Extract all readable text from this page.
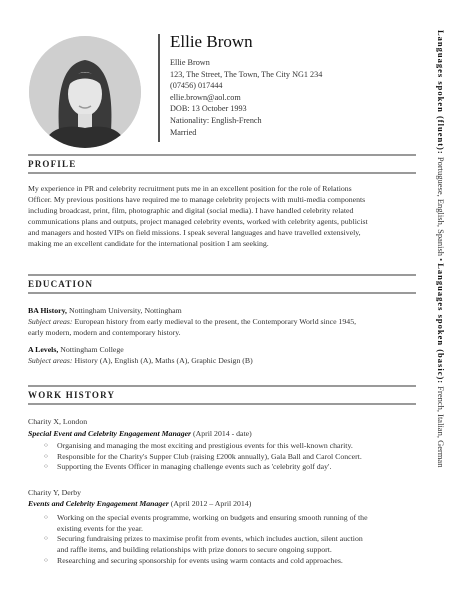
Ellie Brown
Ellie Brown
123, The Street, The Town, The City NG1 234
(07456) 017444
ellie.brown@aol.com
DOB: 13 October 1993
Nationality: English-French
Married
PROFILE

My experience in PR and celebrity recruitment puts me in an excellent position for the role of Relations

Officer. My previous positions have required me to manage celebrity projects with multi-media components

including broadcast, print, film, photographic and digital (social media). I have handled celebrity related

communications plans and outputs, project managed celebrity events, worked with celebrity agents, publicist

and managers and hosted VIPs on field missions. I speak several languages and have travelled extensively,

making me an excellent candidate for the international position I am seeking.

EDUCATION
BA History, Nottingham University, Nottingham
Subject areas: European history from early medieval to the present, the Contemporary World since 1945,
early modern, modern and contemporary history.
A Levels, Nottingham College
Subject areas: History (A), English (A), Maths (A), Graphic Design (B)
WORK HISTORY
Charity X, London
Special Event and Celebrity Engagement Manager (April 2014 - date)
○ Organising and managing the most exciting and prestigious events for this well-known charity.
○ Responsible for the Charity's Supper Club (raising £200k annually), Gala Ball and Carol Concert.
○ Supporting the Events Officer in managing challenge events such as 'celebrity golf day'.
Charity Y, Derby
Events and Celebrity Engagement Manager (April 2012 – April 2014)
○ Working on the special events programme, working on budgets and ensuring smooth running of the
existing events for the year.
○ Securing fundraising prizes to maximise profit from events, which includes auction, silent auction
and raffle items, and building relationships with prize donors to secure ongoing support.
○ Researching and securing sponsorship for events using warm contacts and cold approaches.
Languages spoken (fluent): Portuguese, English, Spanish • Languages spoken (basic): French, Italian, German
